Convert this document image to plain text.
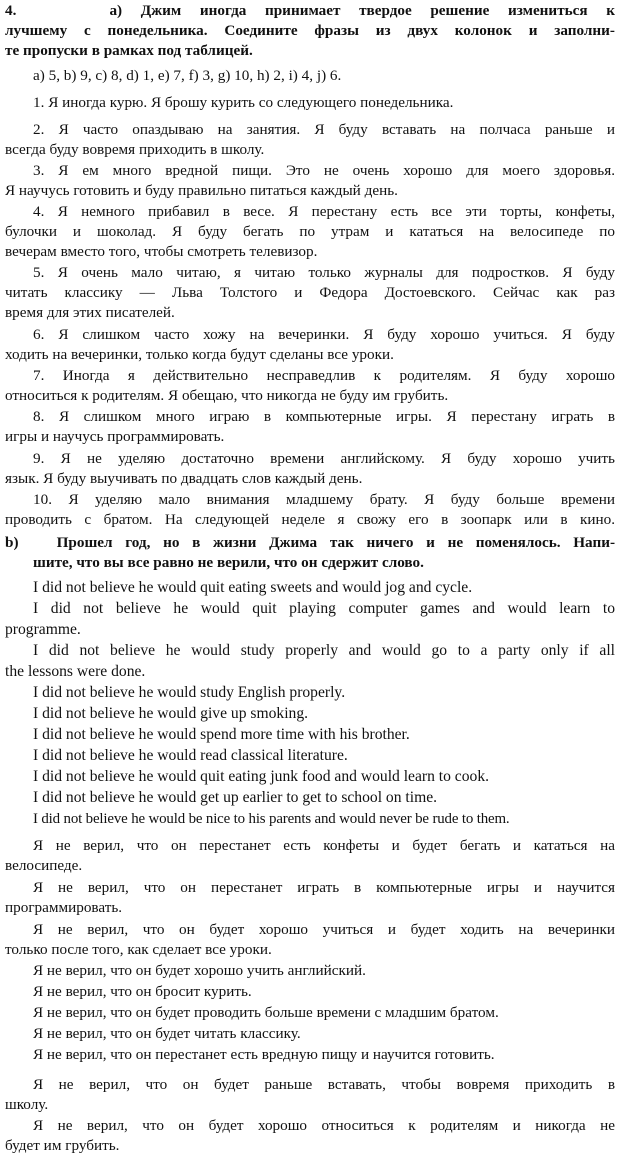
4.	а) Джим иногда принимает твердое решение измениться к
лучшему с понедельника. Соедините фразы из двух колонок и заполни-
те пропуски в рамках под таблицей.
a) 5, b) 9, c) 8, d) 1, e) 7, f) 3, g) 10, h) 2, i) 4, j) 6.
1. Я иногда курю. Я брошу курить со следующего понедельника.
2. Я часто опаздываю на занятия. Я буду вставать на полчаса раньше и
всегда буду вовремя приходить в школу.
3. Я ем много вредной пищи. Это не очень хорошо для моего здоровья.
Я научусь готовить и буду правильно питаться каждый день.
4. Я немного прибавил в весе. Я перестану есть все эти торты, конфеты,
булочки и шоколад. Я буду бегать по утрам и кататься на велосипеде по
вечерам вместо того, чтобы смотреть телевизор.
5. Я очень мало читаю, я читаю только журналы для подростков. Я буду
читать классику — Льва Толстого и Федора Достоевского. Сейчас как раз
время для этих писателей.
6. Я слишком часто хожу на вечеринки. Я буду хорошо учиться. Я буду
ходить на вечеринки, только когда будут сделаны все уроки.
7. Иногда я действительно несправедлив к родителям. Я буду хорошо
относиться к родителям. Я обещаю, что никогда не буду им грубить.
8. Я слишком много играю в компьютерные игры. Я перестану играть в
игры и научусь программировать.
9. Я не уделяю достаточно времени английскому. Я буду хорошо учить
язык. Я буду выучивать по двадцать слов каждый день.
10. Я уделяю мало внимания младшему брату. Я буду больше времени
проводить с братом. На следующей неделе я свожу его в зоопарк или в кино.
b)	Прошел год, но в жизни Джима так ничего и не поменялось. Напи-
шите, что вы все равно не верили, что он сдержит слово.
I did not believe he would quit eating sweets and would jog and cycle.
I did not believe he would quit playing computer games and would learn to
programme.
I did not believe he would study properly and would go to a party only if all
the lessons were done.
I did not believe he would study English properly.
I did not believe he would give up smoking.
I did not believe he would spend more time with his brother.
I did not believe he would read classical literature.
I did not believe he would quit eating junk food and would learn to cook.
I did not believe he would get up earlier to get to school on time.
I did not believe he would be nice to his parents and would never be rude to them.
Я не верил, что он перестанет есть конфеты и будет бегать и кататься на
велосипеде.
Я не верил, что он перестанет играть в компьютерные игры и научится
программировать.
Я не верил, что он будет хорошо учиться и будет ходить на вечеринки
только после того, как сделает все уроки.
Я не верил, что он будет хорошо учить английский.
Я не верил, что он бросит курить.
Я не верил, что он будет проводить больше времени с младшим братом.
Я не верил, что он будет читать классику.
Я не верил, что он перестанет есть вредную пищу и научится готовить.
Я не верил, что он будет раньше вставать, чтобы вовремя приходить в
школу.
Я не верил, что он будет хорошо относиться к родителям и никогда не
будет им грубить.
